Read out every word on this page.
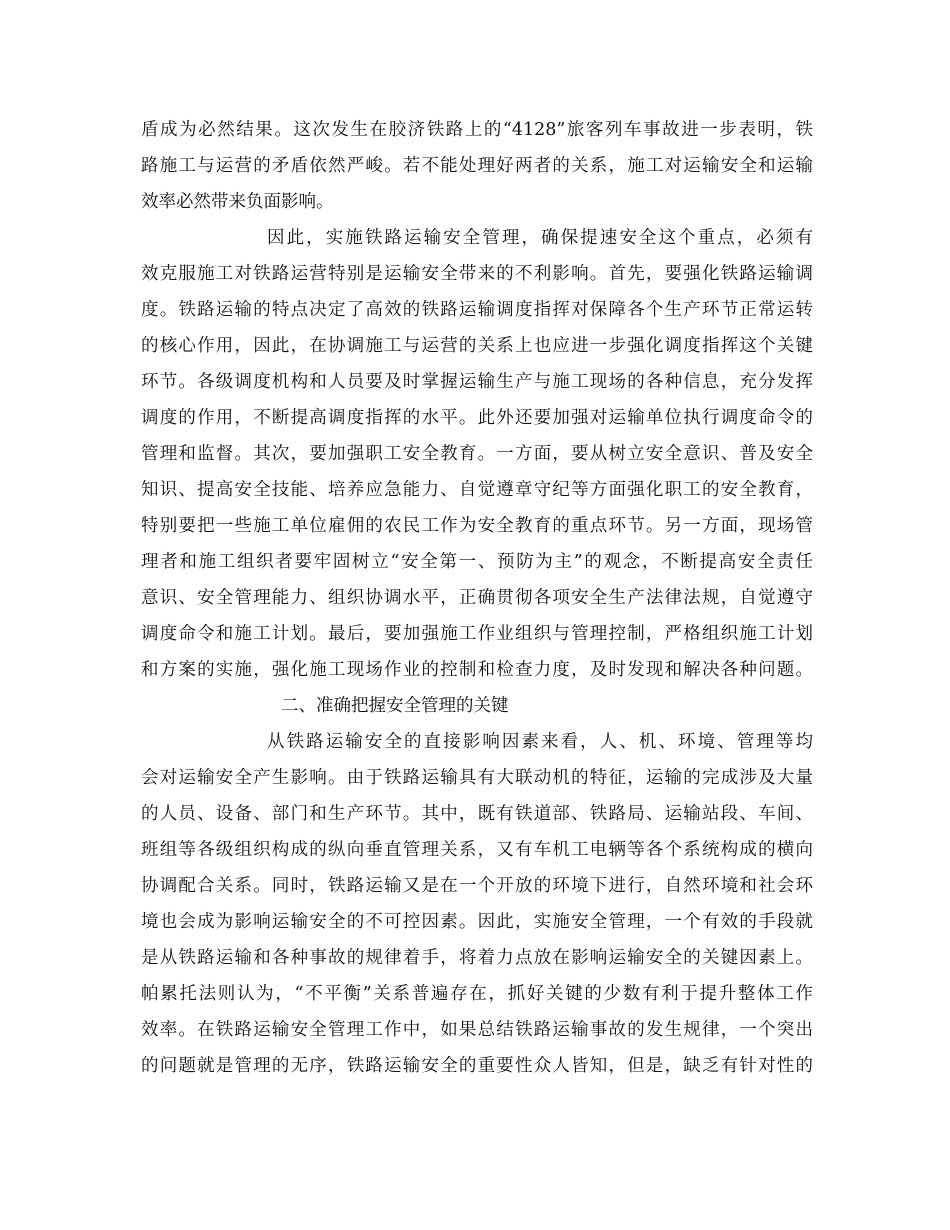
盾成为必然结果。这次发生在胶济铁路上的“4128”旅客列车事故进一步表明，铁
路施工与运营的矛盾依然严峻。若不能处理好两者的关系，施工对运输安全和运输
效率必然带来负面影响。
因此，实施铁路运输安全管理，确保提速安全这个重点，必须有
效克服施工对铁路运营特别是运输安全带来的不利影响。首先，要强化铁路运输调
度。铁路运输的特点决定了高效的铁路运输调度指挥对保障各个生产环节正常运转
的核心作用，因此，在协调施工与运营的关系上也应进一步强化调度指挥这个关键
环节。各级调度机构和人员要及时掌握运输生产与施工现场的各种信息，充分发挥
调度的作用，不断提高调度指挥的水平。此外还要加强对运输单位执行调度命令的
管理和监督。其次，要加强职工安全教育。一方面，要从树立安全意识、普及安全
知识、提高安全技能、培养应急能力、自觉遵章守纪等方面强化职工的安全教育，
特别要把一些施工单位雇佣的农民工作为安全教育的重点环节。另一方面，现场管
理者和施工组织者要牢固树立“安全第一、预防为主”的观念，不断提高安全责任
意识、安全管理能力、组织协调水平，正确贯彻各项安全生产法律法规，自觉遵守
调度命令和施工计划。最后，要加强施工作业组织与管理控制，严格组织施工计划
和方案的实施，强化施工现场作业的控制和检查力度，及时发现和解决各种问题。
二、准确把握安全管理的关键
从铁路运输安全的直接影响因素来看，人、机、环境、管理等均
会对运输安全产生影响。由于铁路运输具有大联动机的特征，运输的完成涉及大量
的人员、设备、部门和生产环节。其中，既有铁道部、铁路局、运输站段、车间、
班组等各级组织构成的纵向垂直管理关系，又有车机工电辆等各个系统构成的横向
协调配合关系。同时，铁路运输又是在一个开放的环境下进行，自然环境和社会环
境也会成为影响运输安全的不可控因素。因此，实施安全管理，一个有效的手段就
是从铁路运输和各种事故的规律着手，将着力点放在影响运输安全的关键因素上。
帕累托法则认为，“不平衡”关系普遍存在，抓好关键的少数有利于提升整体工作
效率。在铁路运输安全管理工作中，如果总结铁路运输事故的发生规律，一个突出
的问题就是管理的无序，铁路运输安全的重要性众人皆知，但是，缺乏有针对性的
